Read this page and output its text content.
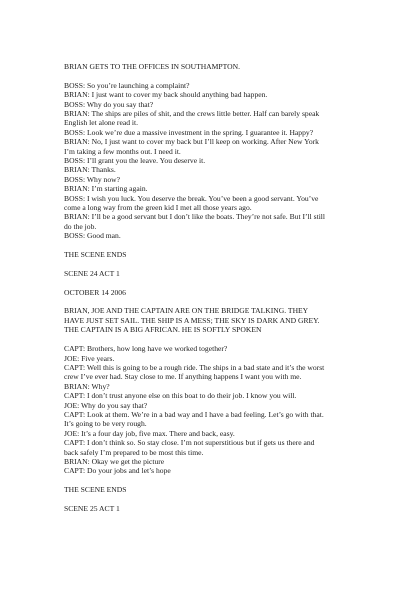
BRIAN GETS TO THE OFFICES IN SOUTHAMPTON.
BOSS: So you’re launching a complaint?
BRIAN: I just want to cover my back should anything bad happen.
BOSS: Why do you say that?
BRIAN: The ships are piles of shit, and the crews little better. Half can barely speak
English let alone read it.
BOSS: Look we’re due a massive investment in the spring. I guarantee it. Happy?
BRIAN: No, I just want to cover my back but I’ll keep on working. After New York
I’m taking a few months out. I need it.
BOSS: I’ll grant you the leave. You deserve it.
BRIAN: Thanks.
BOSS: Why now?
BRIAN: I’m starting again.
BOSS: I wish you luck. You deserve the break. You’ve been a good servant. You’ve
come a long way from the green kid I met all those years ago.
BRIAN: I’ll be a good servant but I don’t like the boats. They’re not safe. But I’ll still
do the job.
BOSS: Good man.
THE SCENE ENDS
SCENE 24 ACT 1
OCTOBER 14 2006
BRIAN, JOE AND THE CAPTAIN ARE ON THE BRIDGE TALKING. THEY
HAVE JUST SET SAIL. THE SHIP IS A MESS; THE SKY IS DARK AND GREY.
THE CAPTAIN IS A BIG AFRICAN. HE IS SOFTLY SPOKEN
CAPT: Brothers, how long have we worked together?
JOE: Five years.
CAPT: Well this is going to be a rough ride. The ships in a bad state and it’s the worst
crew I’ve ever had. Stay close to me. If anything happens I want you with me.
BRIAN: Why?
CAPT: I don’t trust anyone else on this boat to do their job. I know you will.
JOE: Why do you say that?
CAPT: Look at them. We’re in a bad way and I have a bad feeling. Let’s go with that.
It’s going to be very rough.
JOE: It’s a four day job, five max. There and back, easy.
CAPT: I don’t think so. So stay close. I’m not superstitious but if gets us there and
back safely I’m prepared to be most this time.
BRIAN: Okay we get the picture
CAPT: Do your jobs and let’s hope
THE SCENE ENDS
SCENE 25 ACT 1
